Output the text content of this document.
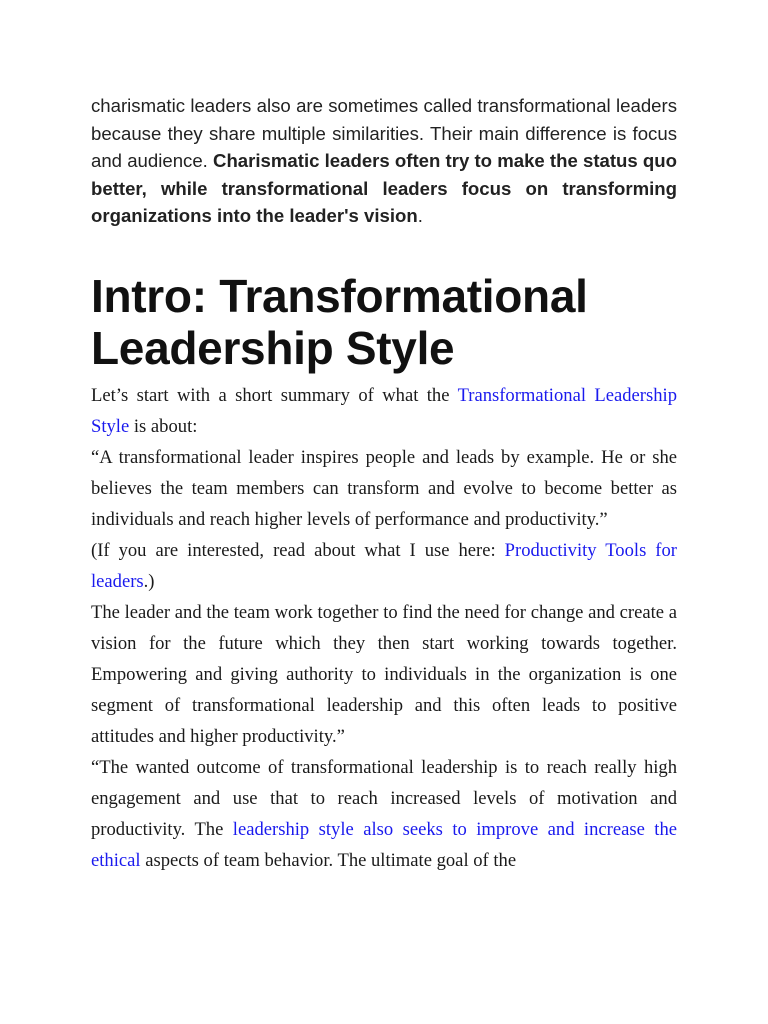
charismatic leaders also are sometimes called transformational leaders because they share multiple similarities. Their main difference is focus and audience. Charismatic leaders often try to make the status quo better, while transformational leaders focus on transforming organizations into the leader's vision.

Intro: Transformational Leadership Style

Let’s start with a short summary of what the Transformational Leadership Style is about:

“A transformational leader inspires people and leads by example. He or she believes the team members can transform and evolve to become better as individuals and reach higher levels of performance and productivity.”

(If you are interested, read about what I use here: Productivity Tools for leaders.)

The leader and the team work together to find the need for change and create a vision for the future which they then start working towards together. Empowering and giving authority to individuals in the organization is one segment of transformational leadership and this often leads to positive attitudes and higher productivity.”

“The wanted outcome of transformational leadership is to reach really high engagement and use that to reach increased levels of motivation and productivity. The leadership style also seeks to improve and increase the ethical aspects of team behavior. The ultimate goal of the
